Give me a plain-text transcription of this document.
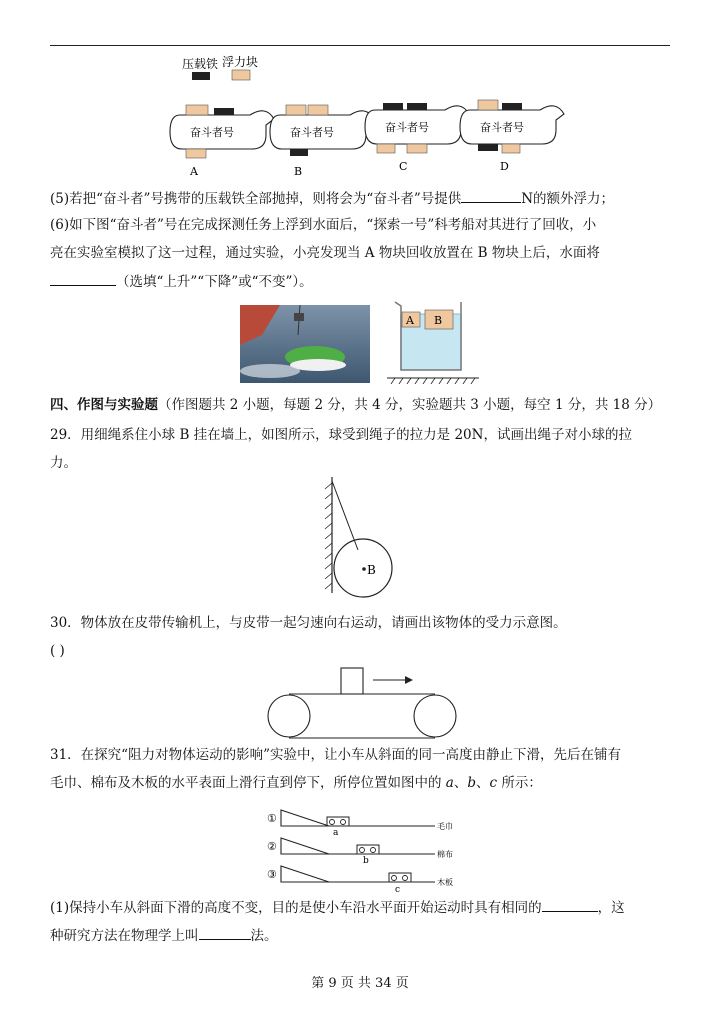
压载铁 浮力块
奋斗者号
A
奋斗者号
B
奋斗者号
C
奋斗者号
D
(5)若把“奋斗者”号携带的压载铁全部抛掉，则将会为“奋斗者”号提供	N的额外浮力；
(6)如下图“奋斗者”号在完成探测任务上浮到水面后，“探索一号”科考船对其进行了回收，小
亮在实验室模拟了这一过程，通过实验，小亮发现当 A 物块回收放置在 B 物块上后，水面将
（选填“上升”“下降”或“不变”）。
A B
四、作图与实验题（作图题共 2 小题，每题 2 分，共 4 分，实验题共 3 小题，每空 1 分，共 18 分）
29．用细绳系住小球 B 挂在墙上，如图所示，球受到绳子的拉力是 20N，试画出绳子对小球的拉
力。
B
30．物体放在皮带传输机上，与皮带一起匀速向右运动，请画出该物体的受力示意图。
( )
31．在探究“阻力对物体运动的影响”实验中，让小车从斜面的同一高度由静止下滑，先后在铺有
毛巾、棉布及木板的水平表面上滑行直到停下，所停位置如图中的 a、b、c 所示：
①
a
毛巾
②
b
棉布
③
c
木板
(1)保持小车从斜面下滑的高度不变，目的是使小车沿水平面开始运动时具有相同的	，这
种研究方法在物理学上叫	法。
第 9 页 共 34 页
